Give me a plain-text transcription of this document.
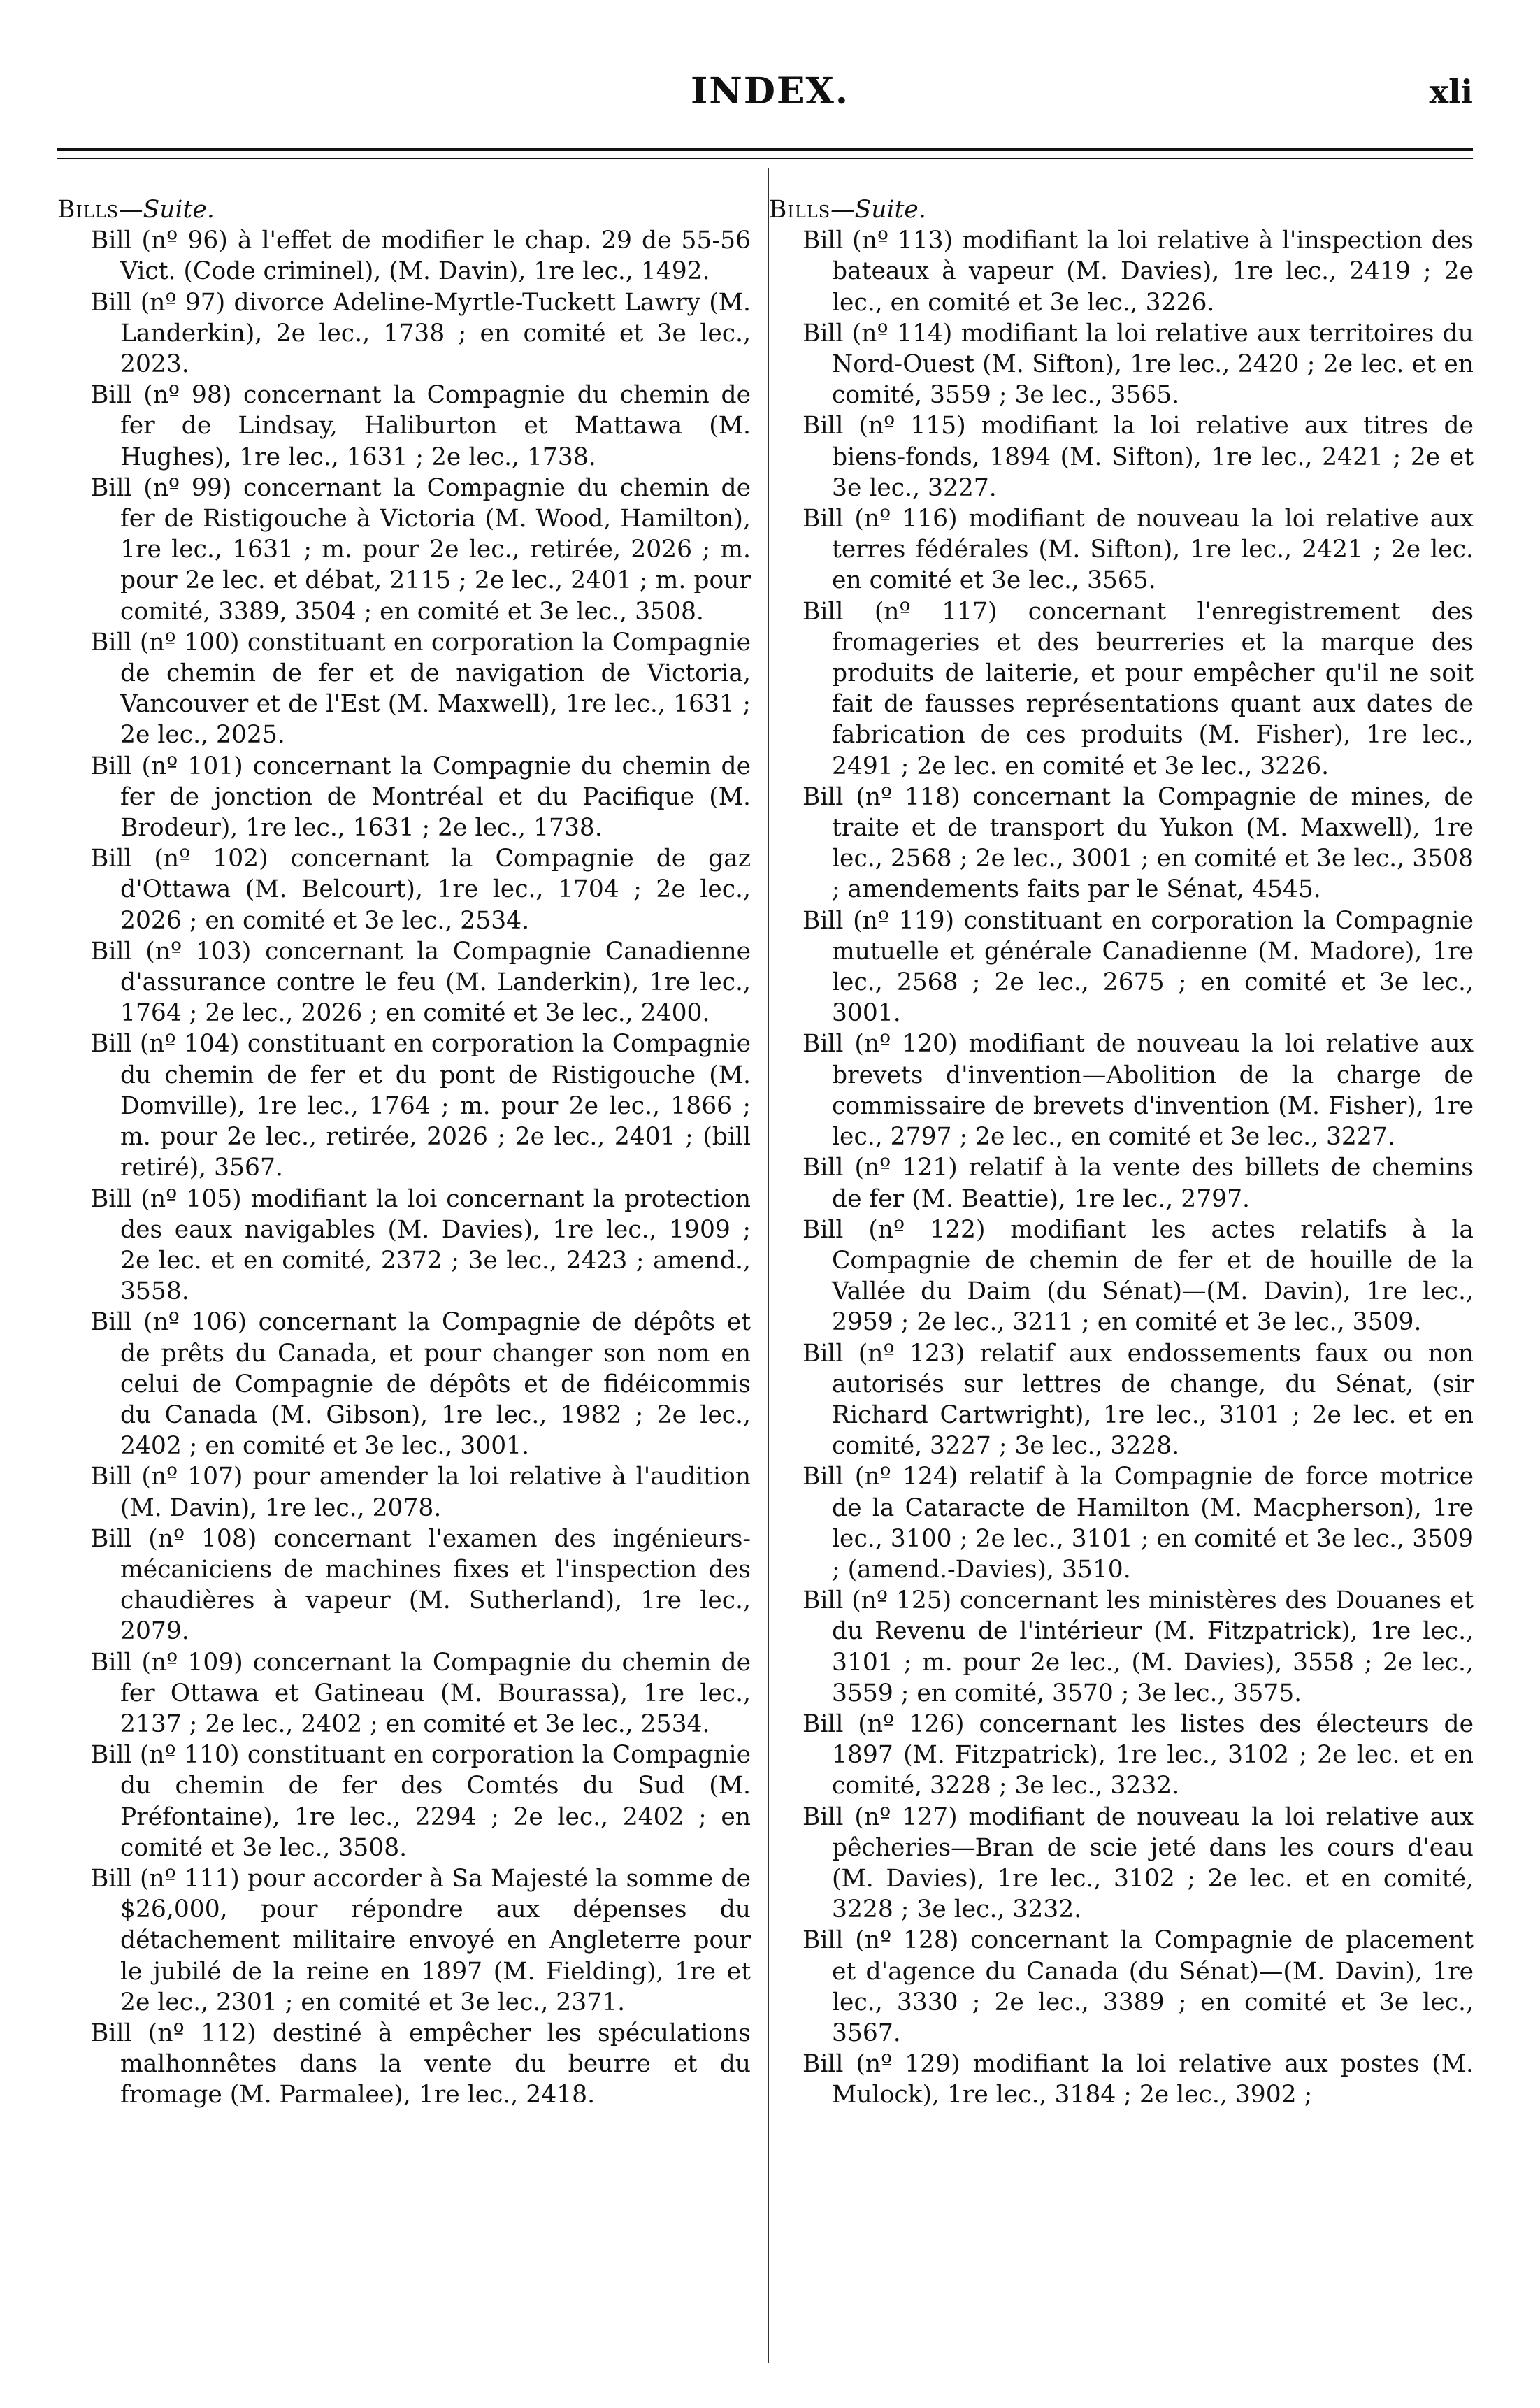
INDEX.	xli
Bills—Suite.

Bill (nº 96) à l'effet de modifier le chap. 29 de 55-56 Vict. (Code criminel), (M. Davin), 1re lec., 1492.

Bill (nº 97) divorce Adeline-Myrtle-Tuckett Lawry (M. Landerkin), 2e lec., 1738 ; en comité et 3e lec., 2023.

Bill (nº 98) concernant la Compagnie du chemin de fer de Lindsay, Haliburton et Mattawa (M. Hughes), 1re lec., 1631 ; 2e lec., 1738.

Bill (nº 99) concernant la Compagnie du chemin de fer de Ristigouche à Victoria (M. Wood, Hamilton), 1re lec., 1631 ; m. pour 2e lec., retirée, 2026 ; m. pour 2e lec. et débat, 2115 ; 2e lec., 2401 ; m. pour comité, 3389, 3504 ; en comité et 3e lec., 3508.

Bill (nº 100) constituant en corporation la Compagnie de chemin de fer et de navigation de Victoria, Vancouver et de l'Est (M. Maxwell), 1re lec., 1631 ; 2e lec., 2025.

Bill (nº 101) concernant la Compagnie du chemin de fer de jonction de Montréal et du Pacifique (M. Brodeur), 1re lec., 1631 ; 2e lec., 1738.

Bill (nº 102) concernant la Compagnie de gaz d'Ottawa (M. Belcourt), 1re lec., 1704 ; 2e lec., 2026 ; en comité et 3e lec., 2534.

Bill (nº 103) concernant la Compagnie Canadienne d'assurance contre le feu (M. Landerkin), 1re lec., 1764 ; 2e lec., 2026 ; en comité et 3e lec., 2400.

Bill (nº 104) constituant en corporation la Compagnie du chemin de fer et du pont de Ristigouche (M. Domville), 1re lec., 1764 ; m. pour 2e lec., 1866 ; m. pour 2e lec., retirée, 2026 ; 2e lec., 2401 ; (bill retiré), 3567.

Bill (nº 105) modifiant la loi concernant la protection des eaux navigables (M. Davies), 1re lec., 1909 ; 2e lec. et en comité, 2372 ; 3e lec., 2423 ; amend., 3558.

Bill (nº 106) concernant la Compagnie de dépôts et de prêts du Canada, et pour changer son nom en celui de Compagnie de dépôts et de fidéicommis du Canada (M. Gibson), 1re lec., 1982 ; 2e lec., 2402 ; en comité et 3e lec., 3001.

Bill (nº 107) pour amender la loi relative à l'audition (M. Davin), 1re lec., 2078.

Bill (nº 108) concernant l'examen des ingénieurs-mécaniciens de machines fixes et l'inspection des chaudières à vapeur (M. Sutherland), 1re lec., 2079.

Bill (nº 109) concernant la Compagnie du chemin de fer Ottawa et Gatineau (M. Bourassa), 1re lec., 2137 ; 2e lec., 2402 ; en comité et 3e lec., 2534.

Bill (nº 110) constituant en corporation la Compagnie du chemin de fer des Comtés du Sud (M. Préfontaine), 1re lec., 2294 ; 2e lec., 2402 ; en comité et 3e lec., 3508.

Bill (nº 111) pour accorder à Sa Majesté la somme de $26,000, pour répondre aux dépenses du détachement militaire envoyé en Angleterre pour le jubilé de la reine en 1897 (M. Fielding), 1re et 2e lec., 2301 ; en comité et 3e lec., 2371.

Bill (nº 112) destiné à empêcher les spéculations malhonnêtes dans la vente du beurre et du fromage (M. Parmalee), 1re lec., 2418.

Bills—Suite.

Bill (nº 113) modifiant la loi relative à l'inspection des bateaux à vapeur (M. Davies), 1re lec., 2419 ; 2e lec., en comité et 3e lec., 3226.

Bill (nº 114) modifiant la loi relative aux territoires du Nord-Ouest (M. Sifton), 1re lec., 2420 ; 2e lec. et en comité, 3559 ; 3e lec., 3565.

Bill (nº 115) modifiant la loi relative aux titres de biens-fonds, 1894 (M. Sifton), 1re lec., 2421 ; 2e et 3e lec., 3227.

Bill (nº 116) modifiant de nouveau la loi relative aux terres fédérales (M. Sifton), 1re lec., 2421 ; 2e lec. en comité et 3e lec., 3565.

Bill (nº 117) concernant l'enregistrement des fromageries et des beurreries et la marque des produits de laiterie, et pour empêcher qu'il ne soit fait de fausses représentations quant aux dates de fabrication de ces produits (M. Fisher), 1re lec., 2491 ; 2e lec. en comité et 3e lec., 3226.

Bill (nº 118) concernant la Compagnie de mines, de traite et de transport du Yukon (M. Maxwell), 1re lec., 2568 ; 2e lec., 3001 ; en comité et 3e lec., 3508 ; amendements faits par le Sénat, 4545.

Bill (nº 119) constituant en corporation la Compagnie mutuelle et générale Canadienne (M. Madore), 1re lec., 2568 ; 2e lec., 2675 ; en comité et 3e lec., 3001.

Bill (nº 120) modifiant de nouveau la loi relative aux brevets d'invention—Abolition de la charge de commissaire de brevets d'invention (M. Fisher), 1re lec., 2797 ; 2e lec., en comité et 3e lec., 3227.

Bill (nº 121) relatif à la vente des billets de chemins de fer (M. Beattie), 1re lec., 2797.

Bill (nº 122) modifiant les actes relatifs à la Compagnie de chemin de fer et de houille de la Vallée du Daim (du Sénat)—(M. Davin), 1re lec., 2959 ; 2e lec., 3211 ; en comité et 3e lec., 3509.

Bill (nº 123) relatif aux endossements faux ou non autorisés sur lettres de change, du Sénat, (sir Richard Cartwright), 1re lec., 3101 ; 2e lec. et en comité, 3227 ; 3e lec., 3228.

Bill (nº 124) relatif à la Compagnie de force motrice de la Cataracte de Hamilton (M. Macpherson), 1re lec., 3100 ; 2e lec., 3101 ; en comité et 3e lec., 3509 ; (amend.-Davies), 3510.

Bill (nº 125) concernant les ministères des Douanes et du Revenu de l'intérieur (M. Fitzpatrick), 1re lec., 3101 ; m. pour 2e lec., (M. Davies), 3558 ; 2e lec., 3559 ; en comité, 3570 ; 3e lec., 3575.

Bill (nº 126) concernant les listes des électeurs de 1897 (M. Fitzpatrick), 1re lec., 3102 ; 2e lec. et en comité, 3228 ; 3e lec., 3232.

Bill (nº 127) modifiant de nouveau la loi relative aux pêcheries—Bran de scie jeté dans les cours d'eau (M. Davies), 1re lec., 3102 ; 2e lec. et en comité, 3228 ; 3e lec., 3232.

Bill (nº 128) concernant la Compagnie de placement et d'agence du Canada (du Sénat)—(M. Davin), 1re lec., 3330 ; 2e lec., 3389 ; en comité et 3e lec., 3567.

Bill (nº 129) modifiant la loi relative aux postes (M. Mulock), 1re lec., 3184 ; 2e lec., 3902 ;
